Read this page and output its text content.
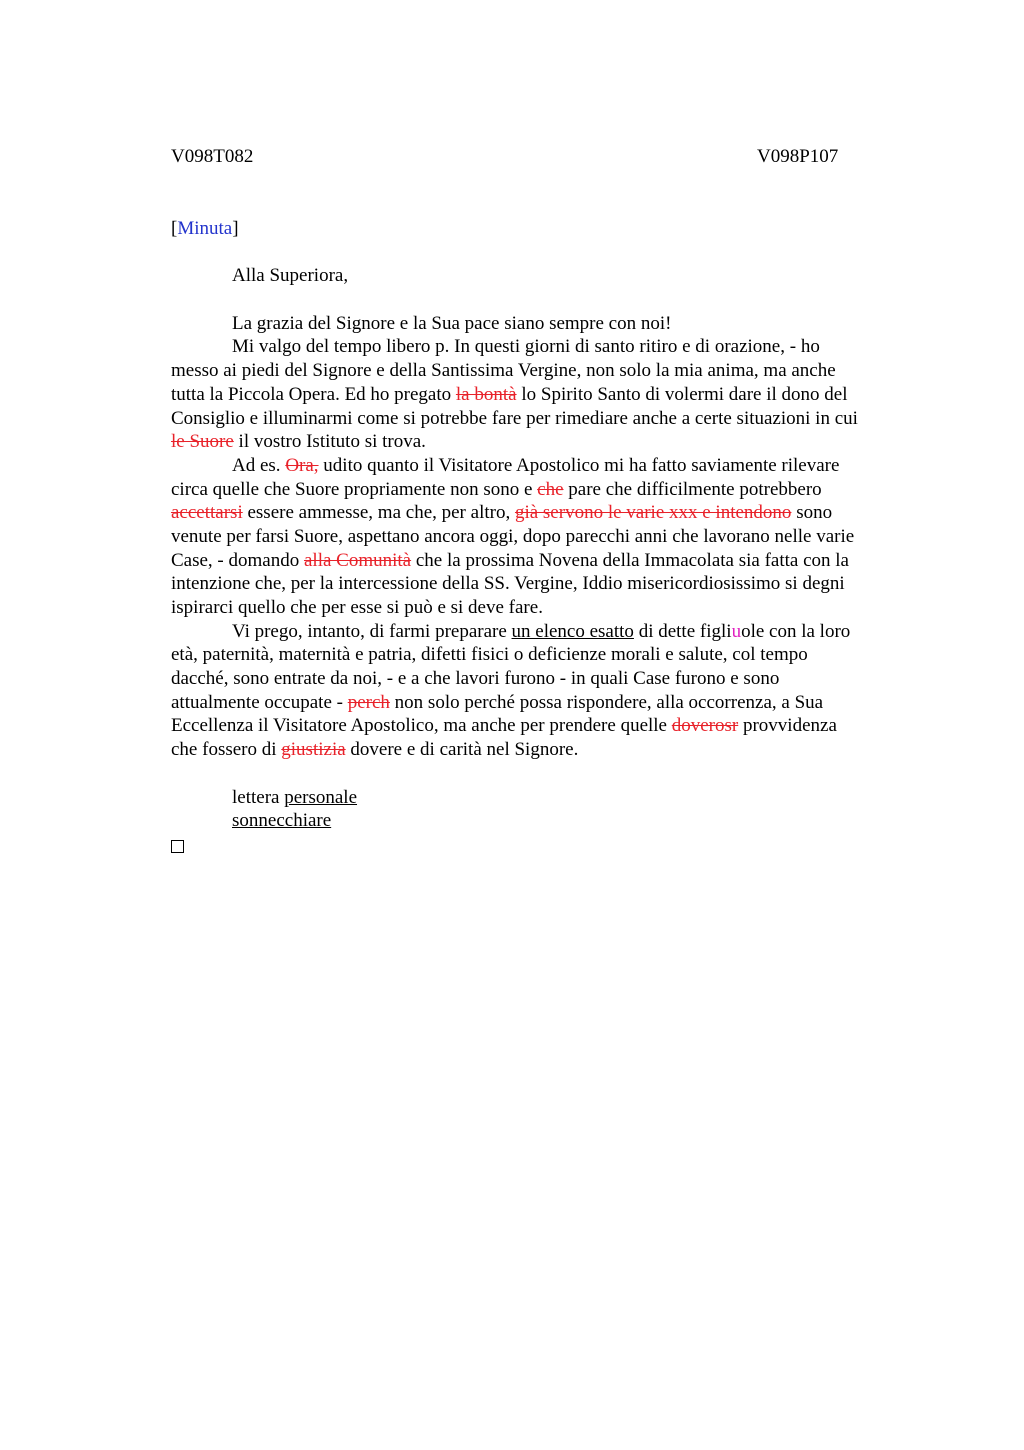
V098T082	V098P107
[Minuta]
Alla Superiora,
La grazia del Signore e la Sua pace siano sempre con noi!
Mi valgo del tempo libero p. In questi giorni di santo ritiro e di orazione, - ho
messo ai piedi del Signore e della Santissima Vergine, non solo la mia anima, ma anche
tutta la Piccola Opera. Ed ho pregato la bontà lo Spirito Santo di volermi dare il dono del
Consiglio e illuminarmi come si potrebbe fare per rimediare anche a certe situazioni in cui
le Suore il vostro Istituto si trova.
Ad es. Ora, udito quanto il Visitatore Apostolico mi ha fatto saviamente rilevare
circa quelle che Suore propriamente non sono e che pare che difficilmente potrebbero
accettarsi essere ammesse, ma che, per altro, già servono le varie xxx e intendono sono
venute per farsi Suore, aspettano ancora oggi, dopo parecchi anni che lavorano nelle varie
Case, - domando alla Comunità che la prossima Novena della Immacolata sia fatta con la
intenzione che, per la intercessione della SS. Vergine, Iddio misericordiosissimo si degni
ispirarci quello che per esse si può e si deve fare.
Vi prego, intanto, di farmi preparare un elenco esatto di dette figliuole con la loro
età, paternità, maternità e patria, difetti fisici o deficienze morali e salute, col tempo
dacché, sono entrate da noi, - e a che lavori furono - in quali Case furono e sono
attualmente occupate - perch non solo perché possa rispondere, alla occorrenza, a Sua
Eccellenza il Visitatore Apostolico, ma anche per prendere quelle doverosr provvidenza
che fossero di giustizia dovere e di carità nel Signore.
lettera personale
sonnecchiare
